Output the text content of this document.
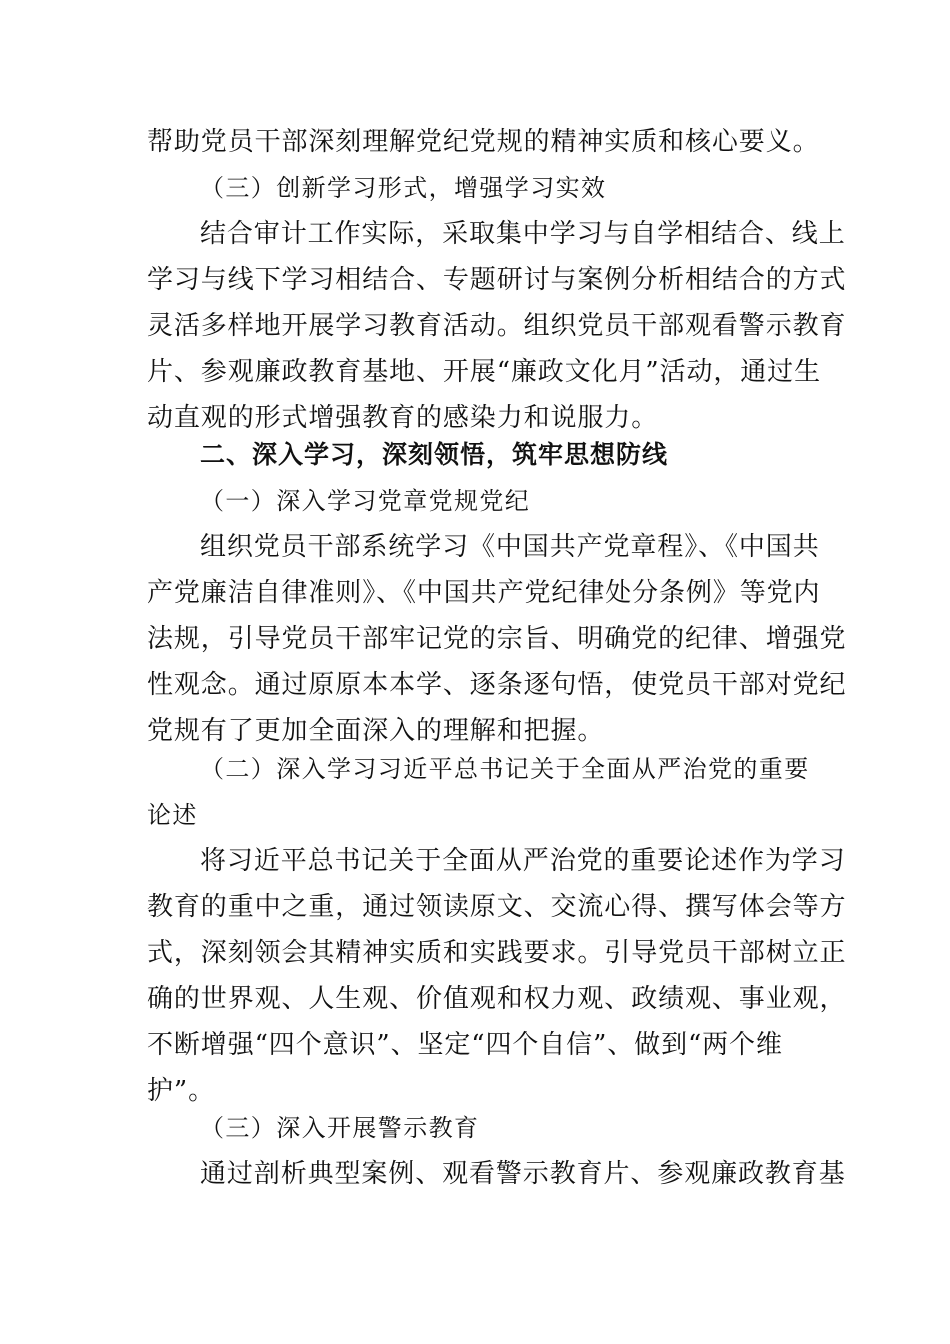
帮助党员干部深刻理解党纪党规的精神实质和核心要义。
（三）创新学习形式，增强学习实效
结合审计工作实际，采取集中学习与自学相结合、线上
学习与线下学习相结合、专题研讨与案例分析相结合的方式
灵活多样地开展学习教育活动。组织党员干部观看警示教育
片、参观廉政教育基地、开展“廉政文化月”活动，通过生
动直观的形式增强教育的感染力和说服力。
二、深入学习，深刻领悟，筑牢思想防线
（一）深入学习党章党规党纪
组织党员干部系统学习《中国共产党章程》、《中国共
产党廉洁自律准则》、《中国共产党纪律处分条例》等党内
法规，引导党员干部牢记党的宗旨、明确党的纪律、增强党
性观念。通过原原本本学、逐条逐句悟，使党员干部对党纪
党规有了更加全面深入的理解和把握。
（二）深入学习习近平总书记关于全面从严治党的重要
论述
将习近平总书记关于全面从严治党的重要论述作为学习
教育的重中之重，通过领读原文、交流心得、撰写体会等方
式，深刻领会其精神实质和实践要求。引导党员干部树立正
确的世界观、人生观、价值观和权力观、政绩观、事业观，
不断增强“四个意识”、坚定“四个自信”、做到“两个维
护”。
（三）深入开展警示教育
通过剖析典型案例、观看警示教育片、参观廉政教育基
